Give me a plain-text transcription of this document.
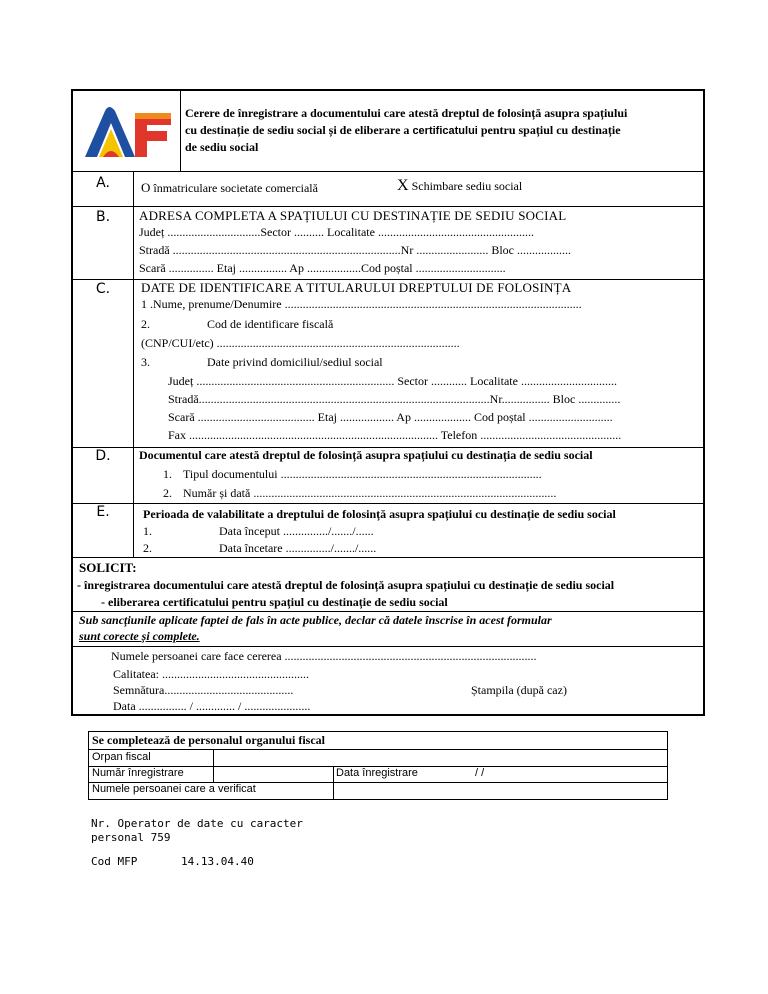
Cerere de înregistrare a documentului care atestă dreptul de folosință asupra spațiului
cu destinație de sediu social și de eliberare a certificatului pentru spațiul cu destinație
de sediu social
A.	O înmatriculare societate comercială	X Schimbare sediu social
B.	ADRESA COMPLETA A SPAȚIULUI CU DESTINAȚIE DE SEDIU SOCIAL
Județ ...............................Sector .......... Localitate ....................................................
Stradă ............................................................................Nr ........................ Bloc ..................
Scară ............... Etaj ................ Ap ..................Cod poștal ..............................
C.	DATE DE IDENTIFICARE A TITULARULUI DREPTULUI DE FOLOSINȚA
1 .Nume, prenume/Denumire ...................................................................................................
2.	Cod de identificare fiscală
(CNP/CUI/etc) .................................................................................
3.	Date privind domiciliul/sediul social
Județ .................................................................. Sector ............ Localitate ................................
Stradă.................................................................................................Nr................ Bloc ..............
Scară ....................................... Etaj .................. Ap ................... Cod poștal ............................
Fax ................................................................................... Telefon ...............................................
D.	Documentul care atestă dreptul de folosință asupra spațiului cu destinația de sediu social
1. Tipul documentului .......................................................................................
2. Număr și dată .....................................................................................................
E.	Perioada de valabilitate a dreptului de folosință asupra spațiului cu destinație de sediu social
1.	Data început .............../......./......
2.	Data încetare .............../......./......
SOLICIT:
- înregistrarea documentului care atestă dreptul de folosință asupra spațiului cu destinație de sediu social
- eliberarea certificatului pentru spațiul cu destinație de sediu social
Sub sancțiunile aplicate faptei de fals în acte publice, declar că datele înscrise în acest formular
sunt corecte și complete.
Numele persoanei care face cererea ....................................................................................
Calitatea: .................................................
Semnătura...........................................	Ștampila (după caz)
Data ................ / ............. / ......................
Se completează de personalul organului fiscal
Orpan fiscal
Număr înregistrare	Data înregistrare	/ /
Numele persoanei care a verificat
Nr. Operator de date cu caracter
personal 759
Cod MFP	14.13.04.40
